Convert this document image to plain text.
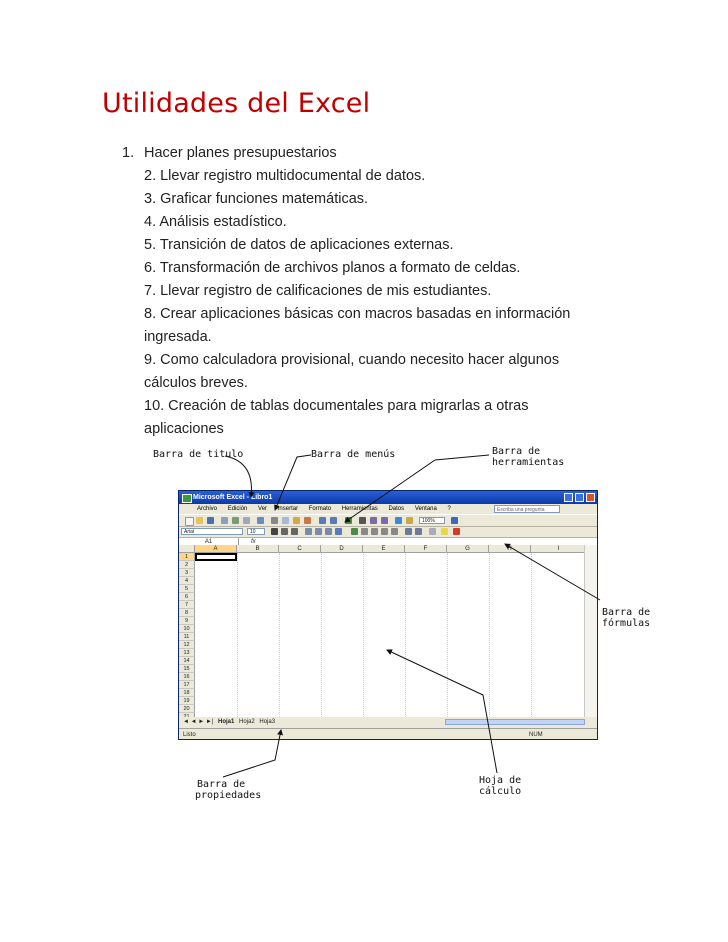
Utilidades del Excel
1. Hacer planes presupuestarios
2. Llevar registro multidocumental de datos.
3. Graficar funciones matemáticas.
4. Análisis estadístico.
5. Transición de datos de aplicaciones externas.
6. Transformación de archivos planos a formato de celdas.
7. Llevar registro de calificaciones de mis estudiantes.
8. Crear aplicaciones básicas con macros basadas en información
ingresada.
9. Como calculadora provisional, cuando necesito hacer algunos
cálculos breves.
10. Creación de tablas documentales para migrarlas a otras
aplicaciones
Barra de titulo	Barra de menús	Barra de
herramientas
Barra de
fórmulas
Barra de
propiedades
Hoja de
cálculo
Microsoft Excel - Libro1
Archivo Edición Ver Insertar Formato Herramientas Datos Ventana ?	Escriba una pregunta
100%
Arial	10
A1	fx
A	B	C	D	E	F	G	H	I
1
2
3
4
5
6
7
8
9
10
11
12
13
14
15
16
17
18
19
20
21
◄ ◄ ► ►| Hoja1 Hoja2 Hoja3
Listo	NUM
